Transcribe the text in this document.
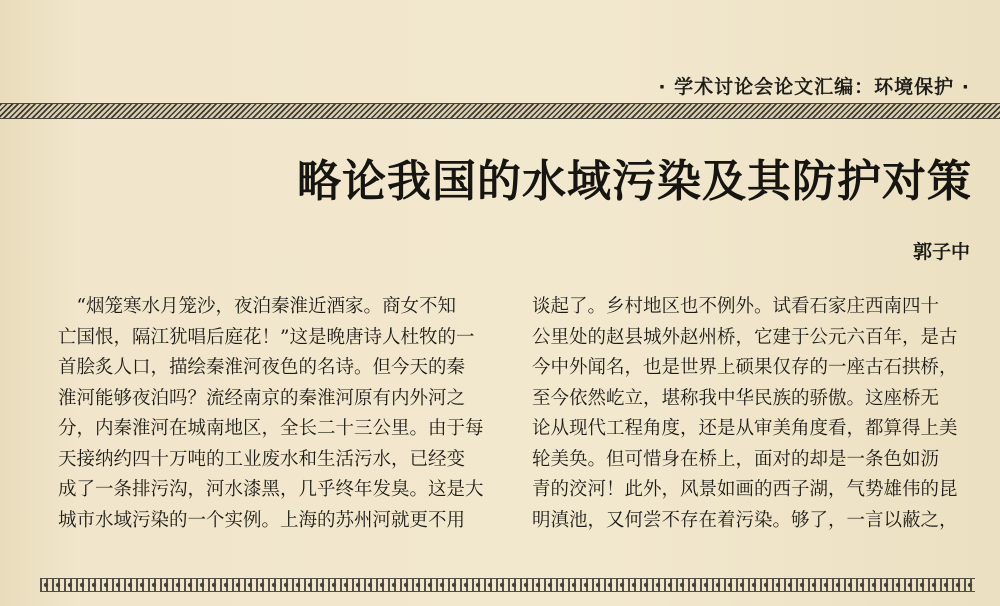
· 学术讨论会论文汇编：环境保护 ·
略论我国的水域污染及其防护对策
郭子中
　“烟笼寒水月笼沙，夜泊秦淮近酒家。商女不知
亡国恨，隔江犹唱后庭花！”这是晚唐诗人杜牧的一
首脍炙人口，描绘秦淮河夜色的名诗。但今天的秦
淮河能够夜泊吗？流经南京的秦淮河原有内外河之
分，内秦淮河在城南地区，全长二十三公里。由于每
天接纳约四十万吨的工业废水和生活污水，已经变
成了一条排污沟，河水漆黑，几乎终年发臭。这是大
城市水域污染的一个实例。上海的苏州河就更不用
谈起了。乡村地区也不例外。试看石家庄西南四十
公里处的赵县城外赵州桥，它建于公元六百年，是古
今中外闻名，也是世界上硕果仅存的一座古石拱桥，
至今依然屹立，堪称我中华民族的骄傲。这座桥无
论从现代工程角度，还是从审美角度看，都算得上美
轮美奂。但可惜身在桥上，面对的却是一条色如沥
青的洨河！此外，风景如画的西子湖，气势雄伟的昆
明滇池，又何尝不存在着污染。够了，一言以蔽之，
